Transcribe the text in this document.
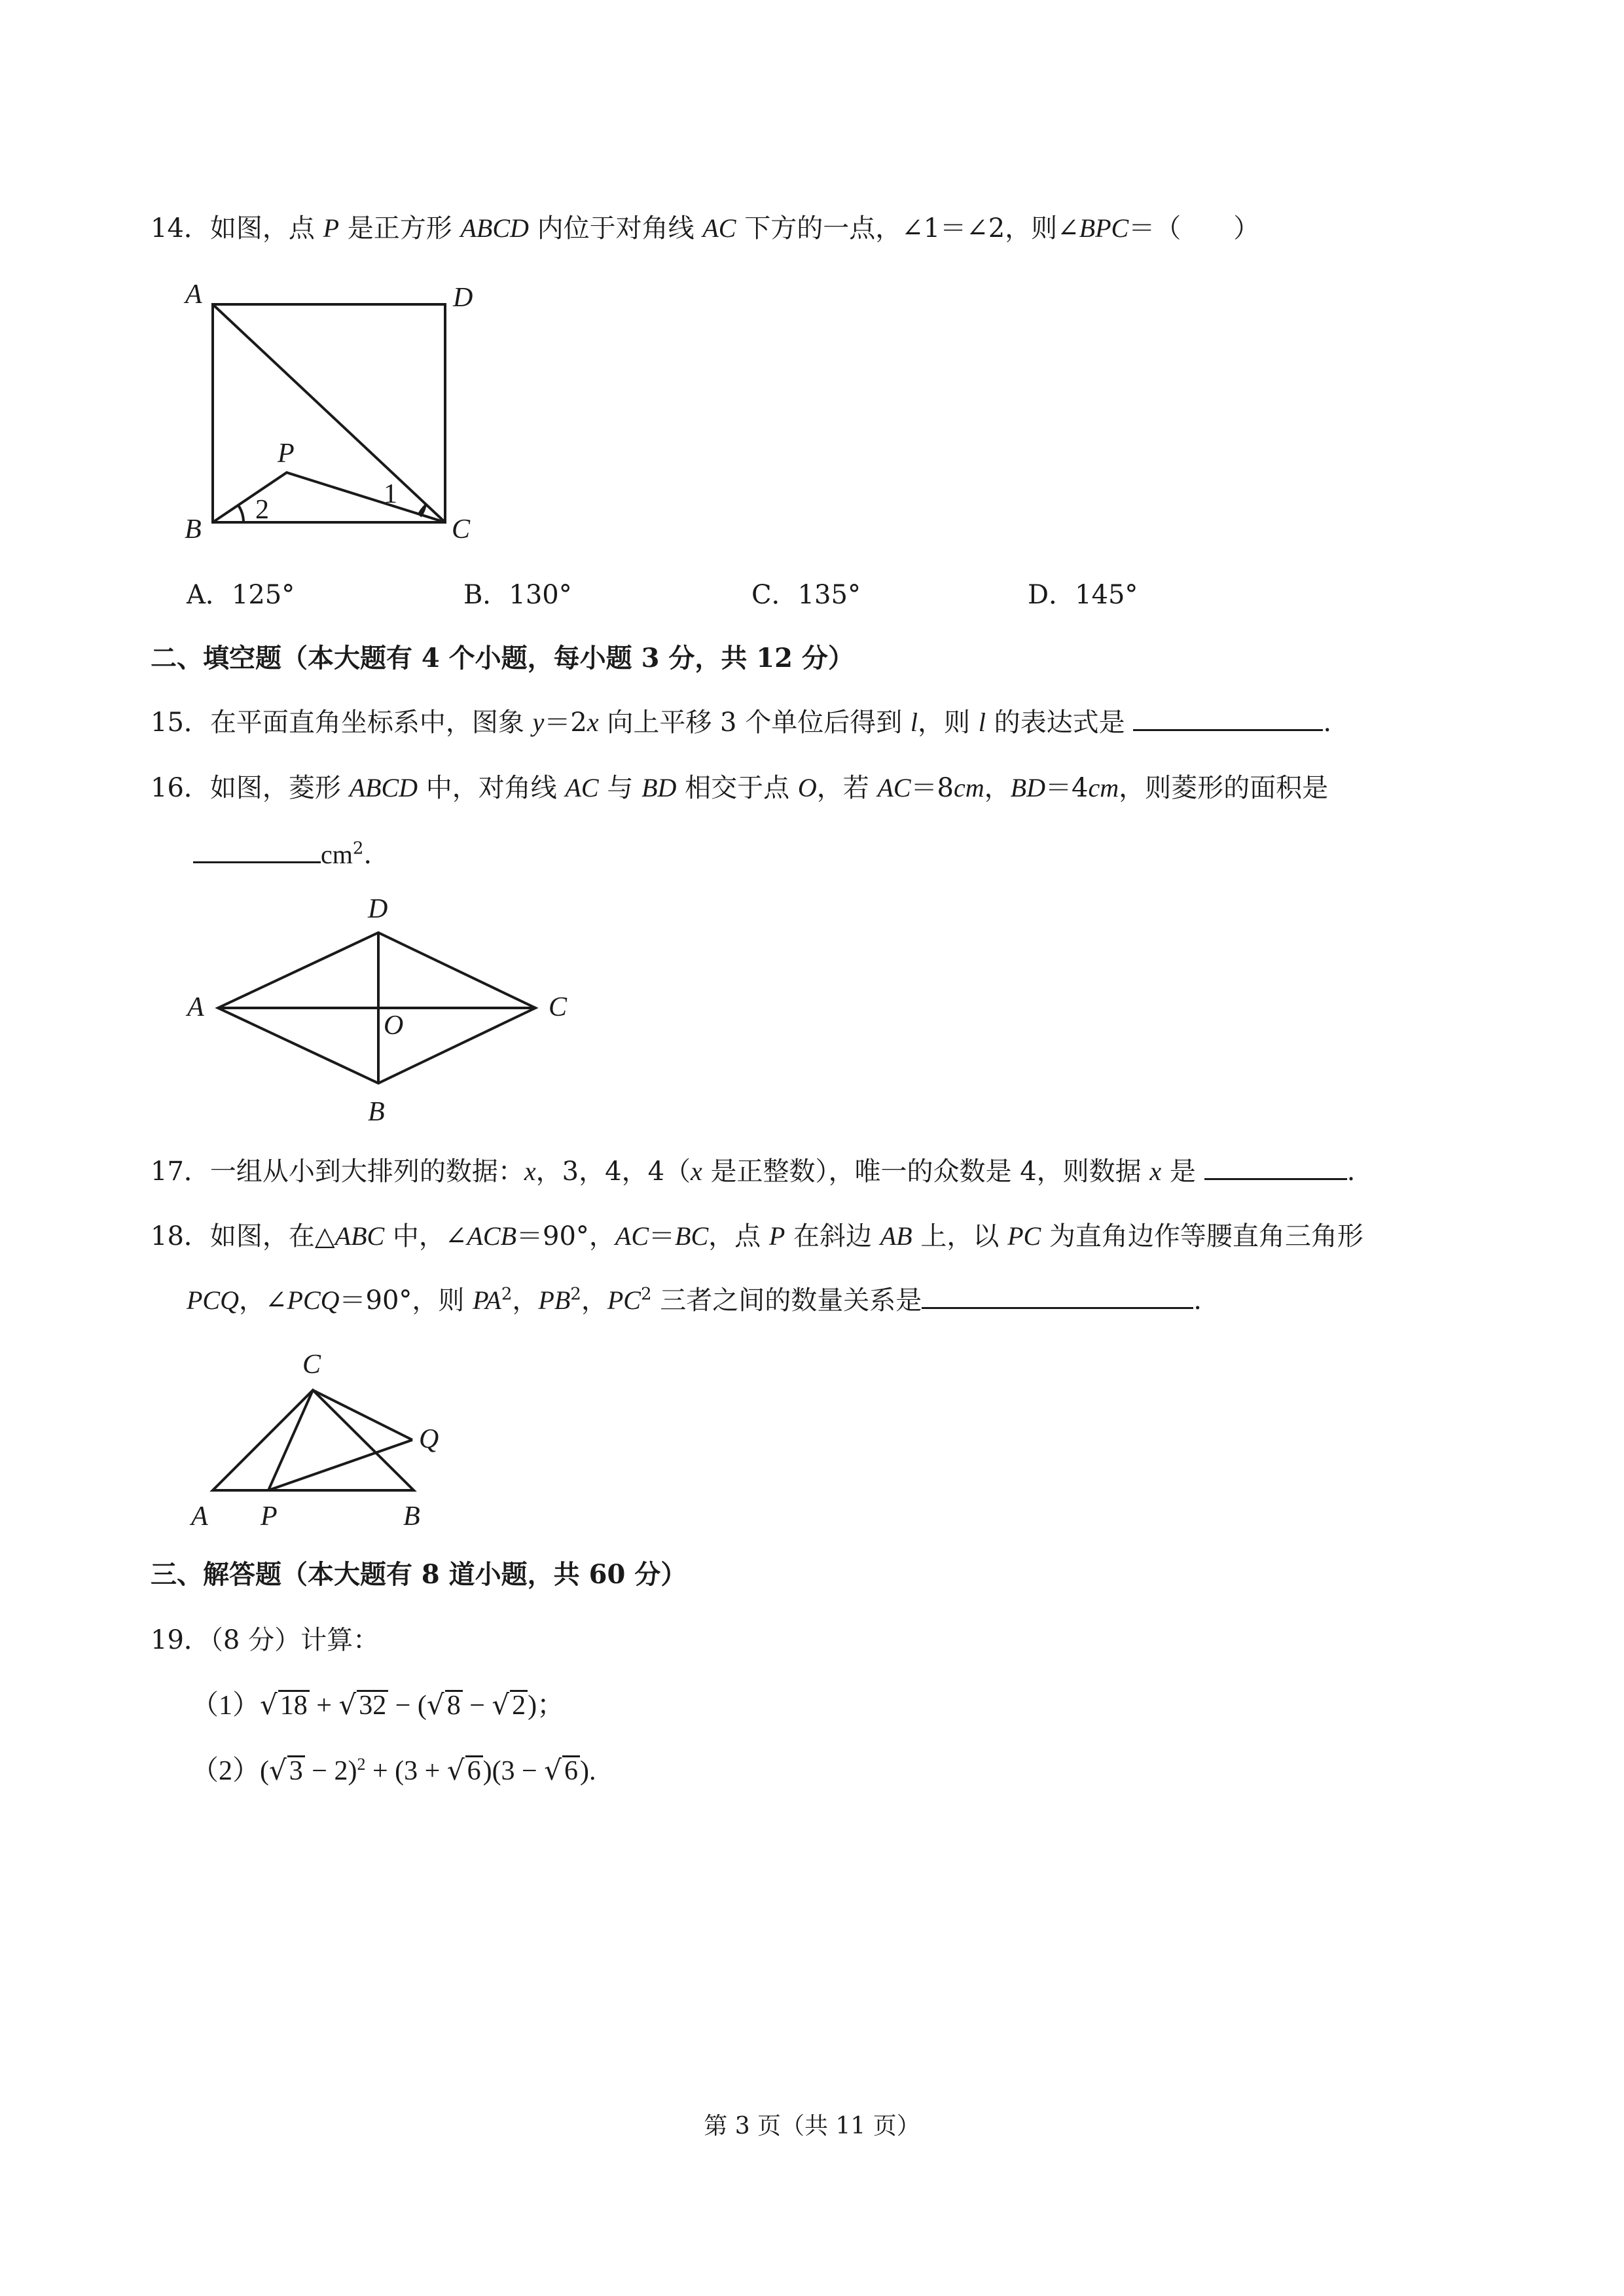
14．如图，点 P 是正方形 ABCD 内位于对角线 AC 下方的一点，∠1＝∠2，则∠BPC＝（　　）
A	D
B	C
P
1
2
A．125°	B．130°	C．135°	D．145°
二、填空题（本大题有 4 个小题，每小题 3 分，共 12 分）
15．在平面直角坐标系中，图象 y＝2x 向上平移 3 个单位后得到 l，则 l 的表达式是	.
16．如图，菱形 ABCD 中，对角线 AC 与 BD 相交于点 O，若 AC＝8cm，BD＝4cm，则菱形的面积是
$cm^2$.
D
A	C
O
B
17．一组从小到大排列的数据：x，3，4，4（x 是正整数），唯一的众数是 4，则数据 x 是	.
18．如图，在△ABC 中，∠ACB＝90°，AC＝BC，点 P 在斜边 AB 上，以 PC 为直角边作等腰直角三角形
PCQ，∠PCQ＝90°，则 $PA^2$，$PB^2$，$PC^2$ 三者之间的数量关系是	.
C
Q
A P	B
三、解答题（本大题有 8 道小题，共 60 分）
19．（8 分）计算：
（1）√18 + √32 − (√8 − √2)；
$(2)(√3 - 2)^2 + (3 + √6)(3 - √6)$.
第 3 页（共 11 页）
